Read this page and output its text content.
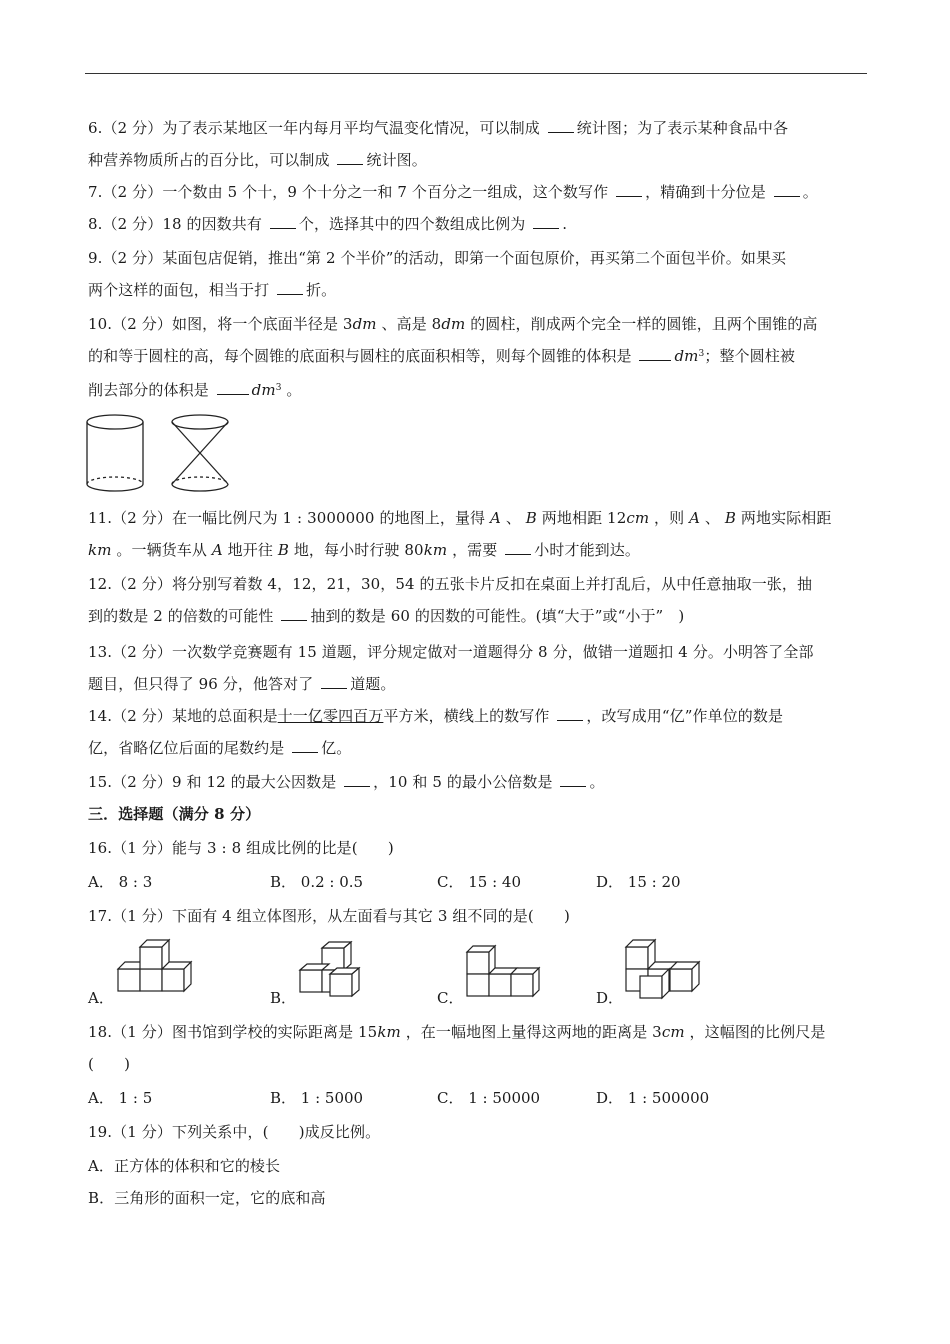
6.（2 分）为了表示某地区一年内每月平均气温变化情况，可以制成 统计图；为了表示某种食品中各
种营养物质所占的百分比，可以制成 统计图。
7.（2 分）一个数由 5 个十，9 个十分之一和 7 个百分之一组成，这个数写作 ，精确到十分位是 。
8.（2 分）18 的因数共有 个，选择其中的四个数组成比例为 .
9.（2 分）某面包店促销，推出“第 2 个半价”的活动，即第一个面包原价，再买第二个面包半价。如果买
两个这样的面包，相当于打 折。
10.（2 分）如图，将一个底面半径是 3dm 、高是 8dm 的圆柱，削成两个完全一样的圆锥，且两个围锥的高
的和等于圆柱的高，每个圆锥的底面积与圆柱的底面积相等，则每个圆锥的体积是	$dm^3$；整个圆柱被
削去部分的体积是	$dm^3$ 。
11.（2 分）在一幅比例尺为 1 : 3000000 的地图上，量得 A 、 B 两地相距 12cm ，则 A 、 B 两地实际相距
km 。一辆货车从 A 地开往 B 地，每小时行驶 80km ，需要 小时才能到达。
12.（2 分）将分别写着数 4，12，21，30，54 的五张卡片反扣在桌面上并打乱后，从中任意抽取一张，抽
到的数是 2 的倍数的可能性 抽到的数是 60 的因数的可能性。(填“大于”或“小于”　)
13.（2 分）一次数学竞赛题有 15 道题，评分规定做对一道题得分 8 分，做错一道题扣 4 分。小明答了全部
题目，但只得了 96 分，他答对了 道题。
14.（2 分）某地的总面积是十一亿零四百万平方米，横线上的数写作 ，改写成用“亿”作单位的数是
亿，省略亿位后面的尾数约是 亿。
15.（2 分）9 和 12 的最大公因数是 ，10 和 5 的最小公倍数是 。
三．选择题（满分 8 分）
16.（1 分）能与 3 : 8 组成比例的比是(　　)
A． 8 : 3	B． 0.2 : 0.5	C． 15 : 40	D． 15 : 20
17.（1 分）下面有 4 组立体图形，从左面看与其它 3 组不同的是(　　)
A．	B．	C．	D．
18.（1 分）图书馆到学校的实际距离是 15km ，在一幅地图上量得这两地的距离是 3cm ，这幅图的比例尺是
(　　)
A． 1 : 5	B． 1 : 5000	C． 1 : 50000	D． 1 : 500000
19.（1 分）下列关系中，(　　)成反比例。
A．正方体的体积和它的棱长
B．三角形的面积一定，它的底和高
